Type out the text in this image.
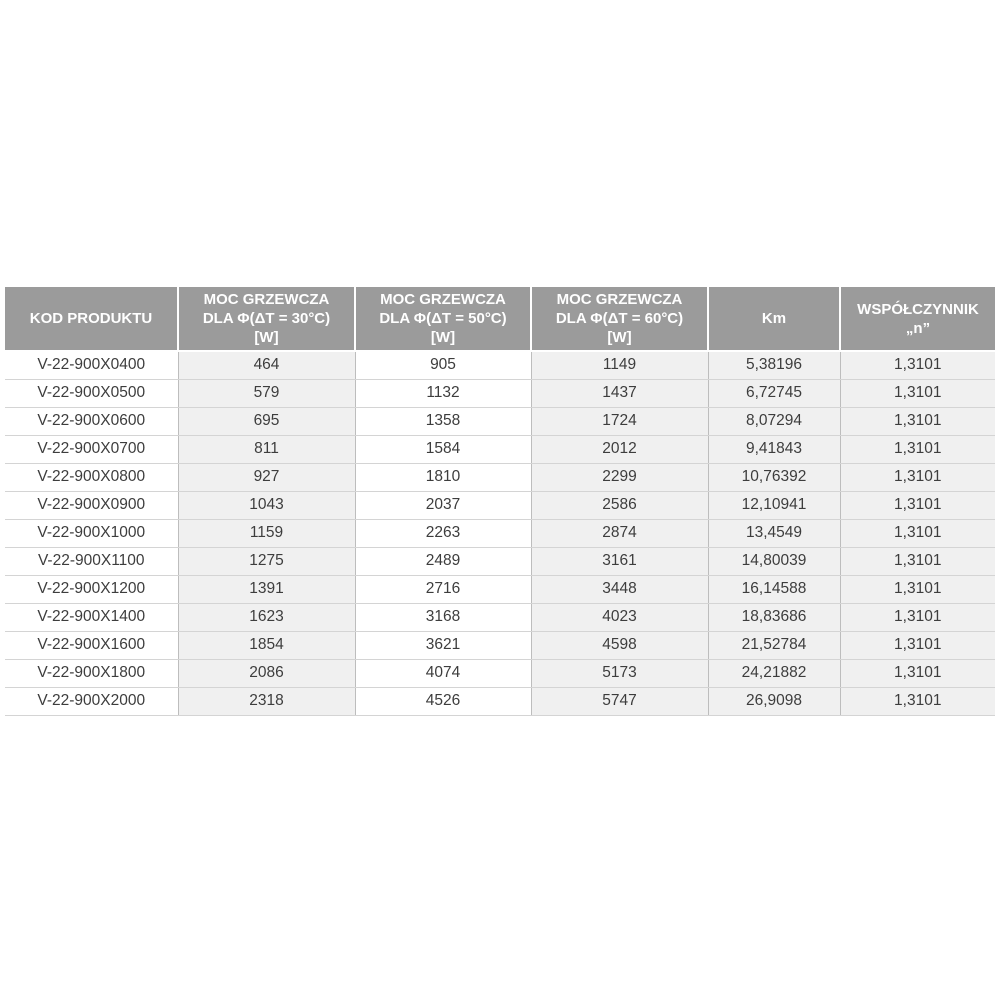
KOD PRODUKTU	MOC GRZEWCZA
DLA Φ(ΔT = 30°C)
[W]	MOC GRZEWCZA
DLA Φ(ΔT = 50°C)
[W]	MOC GRZEWCZA
DLA Φ(ΔT = 60°C)
[W]	Km	WSPÓŁCZYNNIK
„n”

V-22-900X0400	464	905	1149	5,38196	1,3101
V-22-900X0500	579	1132	1437	6,72745	1,3101
V-22-900X0600	695	1358	1724	8,07294	1,3101
V-22-900X0700	811	1584	2012	9,41843	1,3101
V-22-900X0800	927	1810	2299	10,76392	1,3101
V-22-900X0900	1043	2037	2586	12,10941	1,3101
V-22-900X1000	1159	2263	2874	13,4549	1,3101
V-22-900X1100	1275	2489	3161	14,80039	1,3101
V-22-900X1200	1391	2716	3448	16,14588	1,3101
V-22-900X1400	1623	3168	4023	18,83686	1,3101
V-22-900X1600	1854	3621	4598	21,52784	1,3101
V-22-900X1800	2086	4074	5173	24,21882	1,3101
V-22-900X2000	2318	4526	5747	26,9098	1,3101
